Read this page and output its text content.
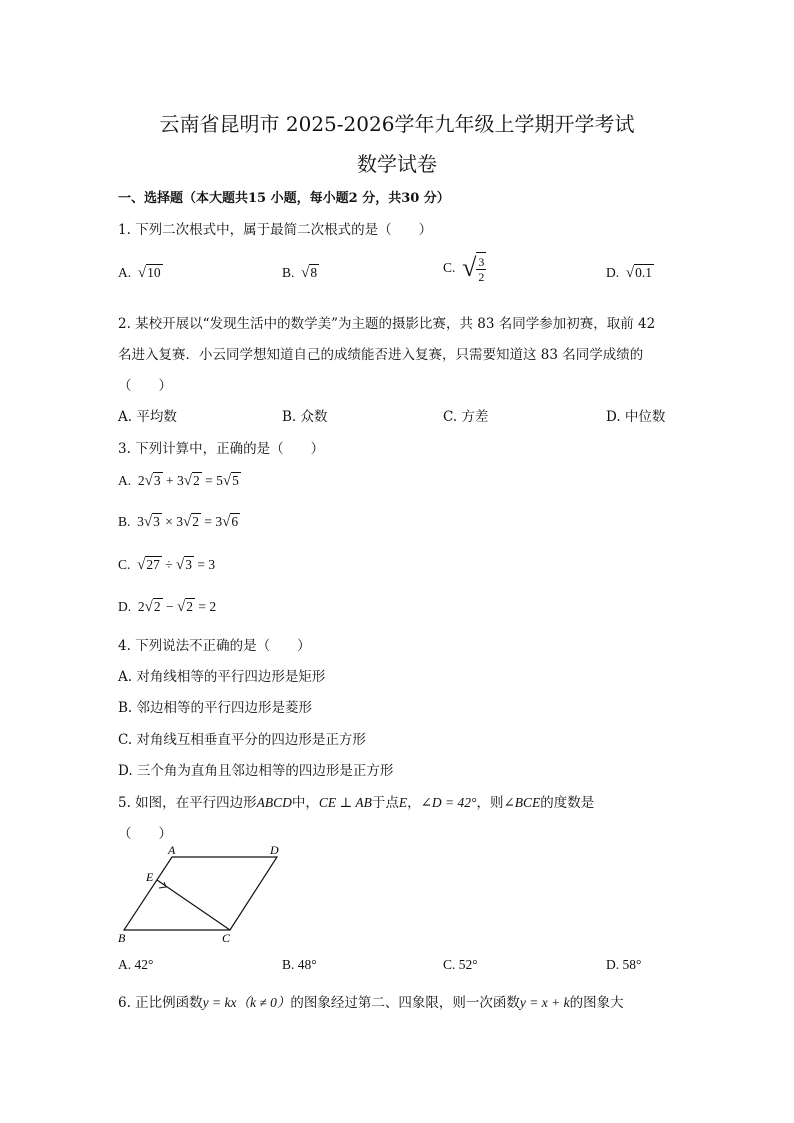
云南省昆明市 2025-2026学年九年级上学期开学考试
数学试卷
一、选择题（本大题共15 小题，每小题2 分，共30 分）
1. 下列二次根式中，属于最简二次根式的是（　　）
A. √10	B. √8	C. √ $\frac{3}{2}$	D. √0.1
2. 某校开展以“发现生活中的数学美”为主题的摄影比赛，共 83 名同学参加初赛，取前 42
名进入复赛．小云同学想知道自己的成绩能否进入复赛，只需要知道这 83 名同学成绩的
（　　）
A. 平均数	B. 众数	C. 方差	D. 中位数
3. 下列计算中，正确的是（　　）
A. 2√3 + 3√2 = 5√5
B. 3√3 × 3√2 = 3√6
C. √27 ÷ √3 = 3
D. 2√2 − √2 = 2
4. 下列说法不正确的是（　　）
A. 对角线相等的平行四边形是矩形
B. 邻边相等的平行四边形是菱形
C. 对角线互相垂直平分的四边形是正方形
D. 三个角为直角且邻边相等的四边形是正方形
5. 如图，在平行四边形ABCD中，CE ⊥ AB于点E，∠D = 42°，则∠BCE的度数是
（　　）
A	D
E
B	C
A. 42°	B. 48°	C. 52°	D. 58°
6. 正比例函数y = kx（k ≠ 0）的图象经过第二、四象限，则一次函数y = x + k的图象大
